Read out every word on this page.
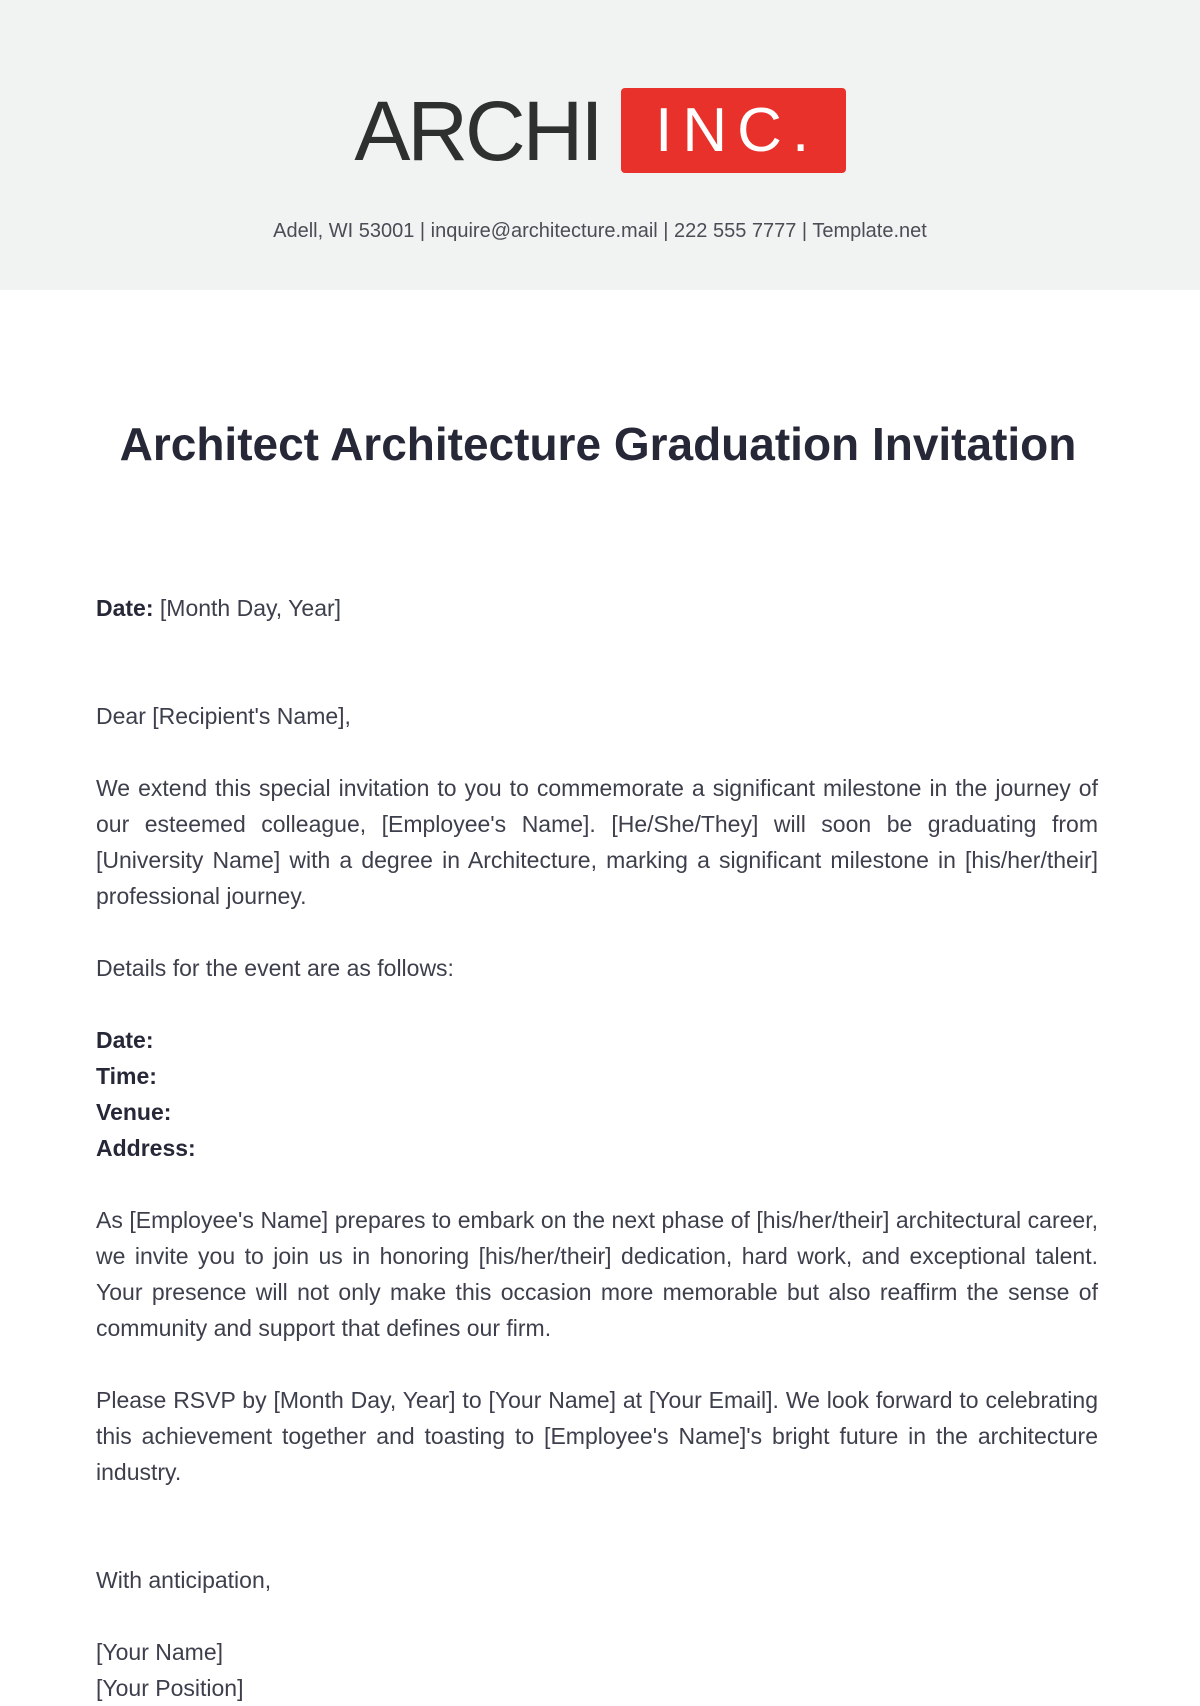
ARCHI INC.
Adell, WI 53001 | inquire@architecture.mail | 222 555 7777 | Template.net
Architect Architecture Graduation Invitation

Date: [Month Day, Year]

Dear [Recipient's Name],

We extend this special invitation to you to commemorate a significant milestone in the journey of our esteemed colleague, [Employee's Name]. [He/She/They] will soon be graduating from [University Name] with a degree in Architecture, marking a significant milestone in [his/her/their] professional journey.

Details for the event are as follows:

Date:

Time:

Venue:

Address:

As [Employee's Name] prepares to embark on the next phase of [his/her/their] architectural career, we invite you to join us in honoring [his/her/their] dedication, hard work, and exceptional talent. Your presence will not only make this occasion more memorable but also reaffirm the sense of community and support that defines our firm.

Please RSVP by [Month Day, Year] to [Your Name] at [Your Email]. We look forward to celebrating this achievement together and toasting to [Employee's Name]'s bright future in the architecture industry.

With anticipation,

[Your Name]

[Your Position]
